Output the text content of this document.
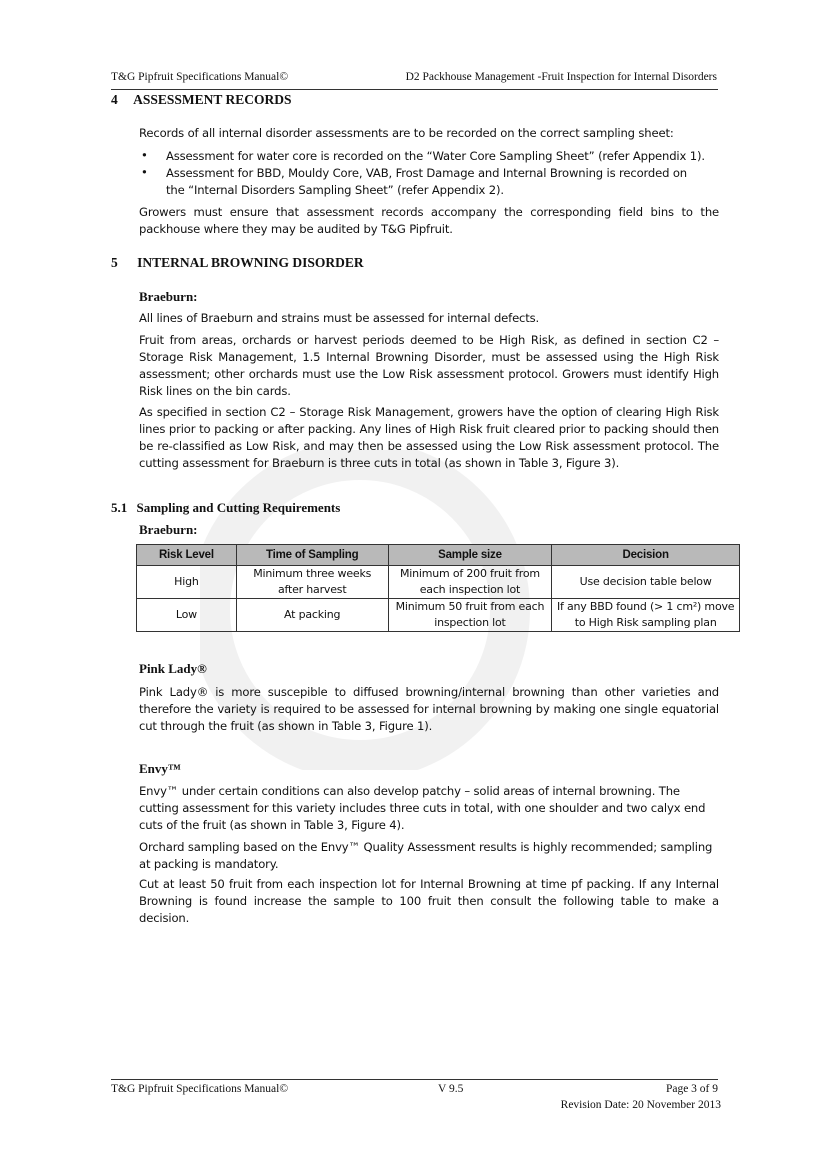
T&G Pipfruit Specifications Manual©	D2 Packhouse Management -Fruit Inspection for Internal Disorders
4 ASSESSMENT RECORDS
Records of all internal disorder assessments are to be recorded on the correct sampling sheet:
• Assessment for water core is recorded on the “Water Core Sampling Sheet” (refer Appendix 1).
• Assessment for BBD, Mouldy Core, VAB, Frost Damage and Internal Browning is recorded on the “Internal Disorders Sampling Sheet” (refer Appendix 2).
Growers must ensure that assessment records accompany the corresponding field bins to the packhouse where they may be audited by T&G Pipfruit.
5 INTERNAL BROWNING DISORDER
Braeburn:
All lines of Braeburn and strains must be assessed for internal defects.
Fruit from areas, orchards or harvest periods deemed to be High Risk, as defined in section C2 – Storage Risk Management, 1.5 Internal Browning Disorder, must be assessed using the High Risk assessment; other orchards must use the Low Risk assessment protocol. Growers must identify High Risk lines on the bin cards.
As specified in section C2 – Storage Risk Management, growers have the option of clearing High Risk lines prior to packing or after packing. Any lines of High Risk fruit cleared prior to packing should then be re-classified as Low Risk, and may then be assessed using the Low Risk assessment protocol. The cutting assessment for Braeburn is three cuts in total (as shown in Table 3, Figure 3).
5.1 Sampling and Cutting Requirements
Braeburn:
Risk Level	Time of Sampling	Sample size	Decision
High	Minimum three weeks after harvest	Minimum of 200 fruit from each inspection lot	Use decision table below
Low	At packing	Minimum 50 fruit from each inspection lot	If any BBD found (> 1 cm²) move to High Risk sampling plan
Pink Lady®
Pink Lady® is more suscepible to diffused browning/internal browning than other varieties and therefore the variety is required to be assessed for internal browning by making one single equatorial cut through the fruit (as shown in Table 3, Figure 1).
Envy™
Envy™ under certain conditions can also develop patchy – solid areas of internal browning. The cutting assessment for this variety includes three cuts in total, with one shoulder and two calyx end cuts of the fruit (as shown in Table 3, Figure 4).
Orchard sampling based on the Envy™ Quality Assessment results is highly recommended; sampling at packing is mandatory.
Cut at least 50 fruit from each inspection lot for Internal Browning at time pf packing. If any Internal Browning is found increase the sample to 100 fruit then consult the following table to make a decision.
T&G Pipfruit Specifications Manual©	V 9.5	Page 3 of 9
Revision Date: 20 November 2013
